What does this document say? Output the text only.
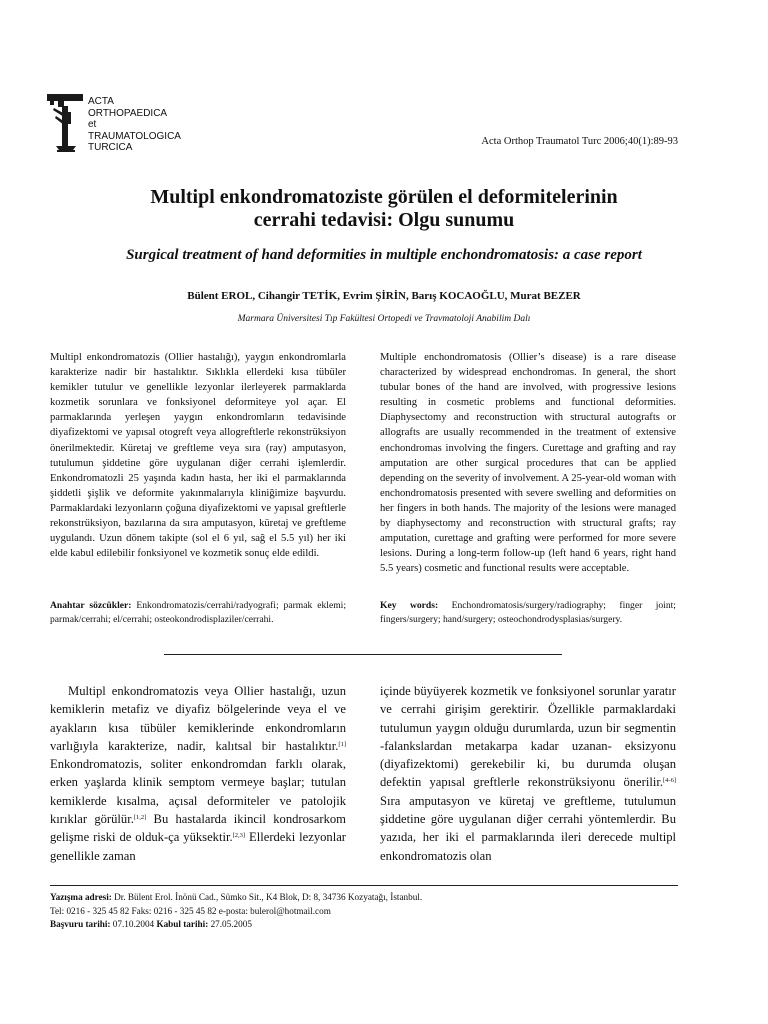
ACTA
ORTHOPAEDICA
et
TRAUMATOLOGICA
TURCICA
Acta Orthop Traumatol Turc 2006;40(1):89-93
Multipl enkondromatoziste görülen el deformitelerinin
cerrahi tedavisi: Olgu sunumu
Surgical treatment of hand deformities in multiple enchondromatosis: a case report
Bülent EROL, Cihangir TETİK, Evrim ŞİRİN, Barış KOCAOĞLU, Murat BEZER
Marmara Üniversitesi Tıp Fakültesi Ortopedi ve Travmatoloji Anabilim Dalı
Multipl enkondromatozis (Ollier hastalığı), yaygın enkondromlarla karakterize nadir bir hastalıktır. Sıklıkla ellerdeki kısa tübüler kemikler tutulur ve genellikle lezyonlar ilerleyerek parmaklarda kozmetik sorunlara ve fonksiyonel deformiteye yol açar. El parmaklarında yerleşen yaygın enkondromların tedavisinde diyafizektomi ve yapısal otogreft veya allogreftlerle rekonstrüksiyon önerilmektedir. Küretaj ve greftleme veya sıra (ray) amputasyon, tutulumun şiddetine göre uygulanan diğer cerrahi işlemlerdir. Enkondromatozli 25 yaşında kadın hasta, her iki el parmaklarında şiddetli şişlik ve deformite yakınmalarıyla kliniğimize başvurdu. Parmaklardaki lezyonların çoğuna diyafizektomi ve yapısal greftlerle rekonstrüksiyon, bazılarına da sıra amputasyon, küretaj ve greftleme uygulandı. Uzun dönem takipte (sol el 6 yıl, sağ el 5.5 yıl) her iki elde kabul edilebilir fonksiyonel ve kozmetik sonuç elde edildi.
Multiple enchondromatosis (Ollier’s disease) is a rare disease characterized by widespread enchondromas. In general, the short tubular bones of the hand are involved, with progressive lesions resulting in cosmetic problems and functional deformities. Diaphysectomy and reconstruction with structural autografts or allografts are usually recommended in the treatment of extensive enchondromas involving the fingers. Curettage and grafting and ray amputation are other surgical procedures that can be applied depending on the severity of involvement. A 25-year-old woman with enchondromatosis presented with severe swelling and deformities on her fingers in both hands. The majority of the lesions were managed by diaphysectomy and reconstruction with structural grafts; ray amputation, curettage and grafting were performed for more severe lesions. During a long-term follow-up (left hand 6 years, right hand 5.5 years) cosmetic and functional results were acceptable.
Anahtar sözcükler: Enkondromatozis/cerrahi/radyografi; parmak eklemi; parmak/cerrahi; el/cerrahi; osteokondrodisplaziler/cerrahi.
Key words: Enchondromatosis/surgery/radiography; finger joint; fingers/surgery; hand/surgery; osteochondrodysplasias/surgery.
Multipl enkondromatozis veya Ollier hastalığı, uzun kemiklerin metafiz ve diyafiz bölgelerinde veya el ve ayakların kısa tübüler kemiklerinde enkondromların varlığıyla karakterize, nadir, kalıtsal bir hastalıktır.[1] Enkondromatozis, soliter enkondromdan farklı olarak, erken yaşlarda klinik semptom vermeye başlar; tutulan kemiklerde kısalma, açısal deformiteler ve patolojik kırıklar görülür.[1,2] Bu hastalarda ikincil kondrosarkom gelişme riski de olduk-ça yüksektir.[2,3] Ellerdeki lezyonlar genellikle zaman
içinde büyüyerek kozmetik ve fonksiyonel sorunlar yaratır ve cerrahi girişim gerektirir. Özellikle parmaklardaki tutulumun yaygın olduğu durumlarda, uzun bir segmentin -falankslardan metakarpa kadar uzanan- eksizyonu (diyafizektomi) gerekebilir ki, bu durumda oluşan defektin yapısal greftlerle rekonstrüksiyonu önerilir.[4-6] Sıra amputasyon ve küretaj ve greftleme, tutulumun şiddetine göre uygulanan diğer cerrahi yöntemlerdir. Bu yazıda, her iki el parmaklarında ileri derecede multipl enkondromatozis olan
Yazışma adresi: Dr. Bülent Erol. İnönü Cad., Sümko Sit., K4 Blok, D: 8, 34736 Kozyatağı, İstanbul.
Tel: 0216 - 325 45 82 Faks: 0216 - 325 45 82 e-posta: bulerol@hotmail.com
Başvuru tarihi: 07.10.2004 Kabul tarihi: 27.05.2005
